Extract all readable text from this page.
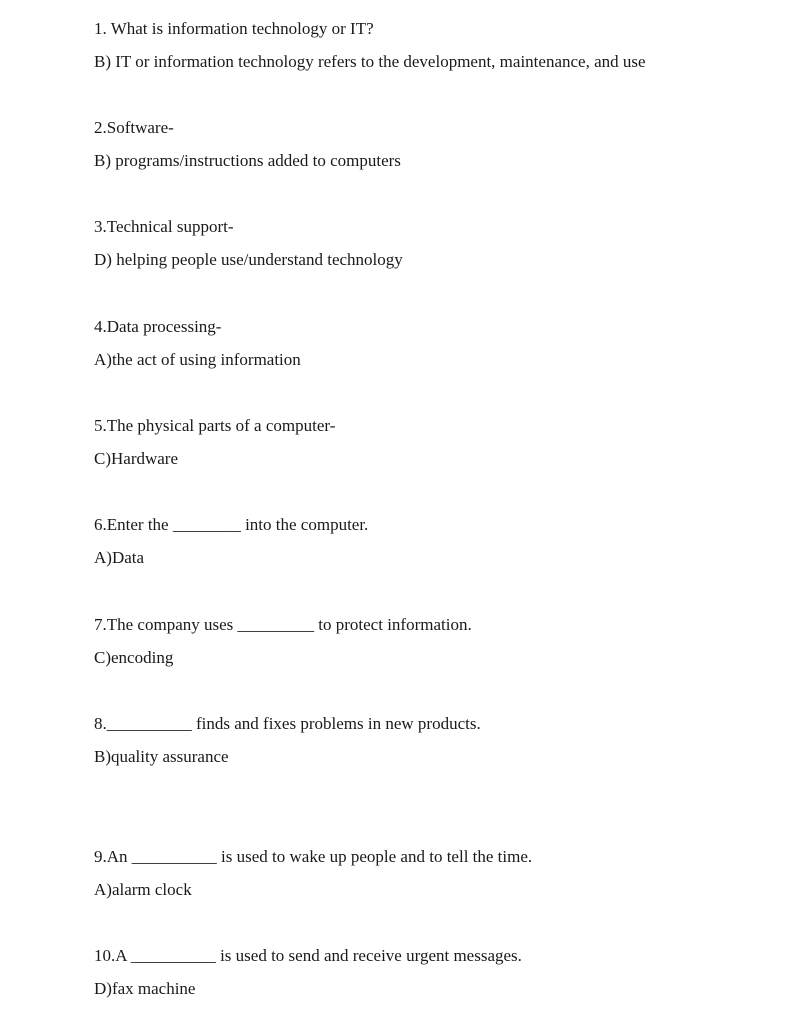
1. What is information technology or IT?
B) IT or information technology refers to the development, maintenance, and use
2.Software-
B) programs/instructions added to computers
3.Technical support-
D) helping people use/understand technology
4.Data processing-
A)the act of using information
5.The physical parts of a computer-
C)Hardware
6.Enter the ________ into the computer.
A)Data
7.The company uses _________ to protect information.
C)encoding
8.__________ finds and fixes problems in new products.
B)quality assurance
9.An __________ is used to wake up people and to tell the time.
A)alarm clock
10.A __________ is used to send and receive urgent messages.
D)fax machine
